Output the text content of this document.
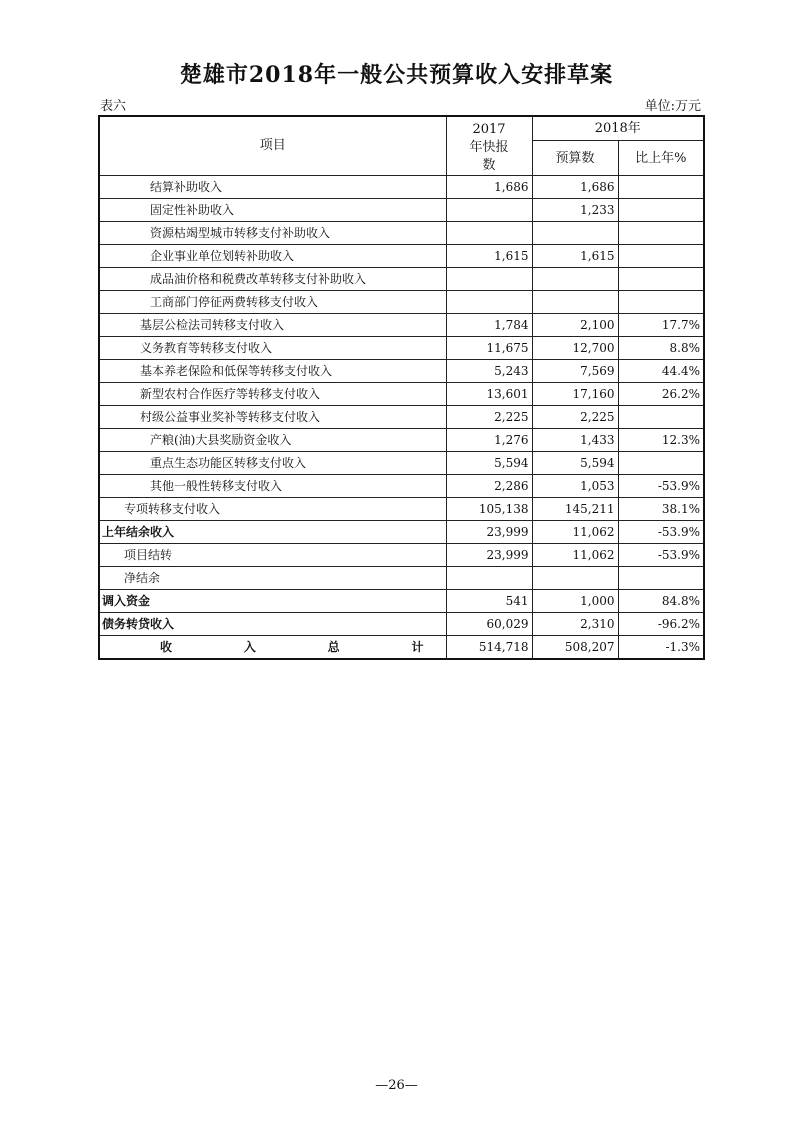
楚雄市2018年一般公共预算收入安排草案
表六	单位:万元
项目	2017年快报数	2018年	
		预算数	比上年%
结算补助收入	1,686	1,686	
固定性补助收入		1,233	
资源枯竭型城市转移支付补助收入			
企业事业单位划转补助收入	1,615	1,615	
成品油价格和税费改革转移支付补助收入			
工商部门停征两费转移支付收入			
基层公检法司转移支付收入	1,784	2,100	17.7%
义务教育等转移支付收入	11,675	12,700	8.8%
基本养老保险和低保等转移支付收入	5,243	7,569	44.4%
新型农村合作医疗等转移支付收入	13,601	17,160	26.2%
村级公益事业奖补等转移支付收入	2,225	2,225	
产粮(油)大县奖励资金收入	1,276	1,433	12.3%
重点生态功能区转移支付收入	5,594	5,594	
其他一般性转移支付收入	2,286	1,053	-53.9%
专项转移支付收入	105,138	145,211	38.1%
上年结余收入	23,999	11,062	-53.9%
项目结转	23,999	11,062	-53.9%
净结余			
调入资金	541	1,000	84.8%
债务转贷收入	60,029	2,310	-96.2%

收 入 总 计	514,718	508,207	-1.3%
—26—
